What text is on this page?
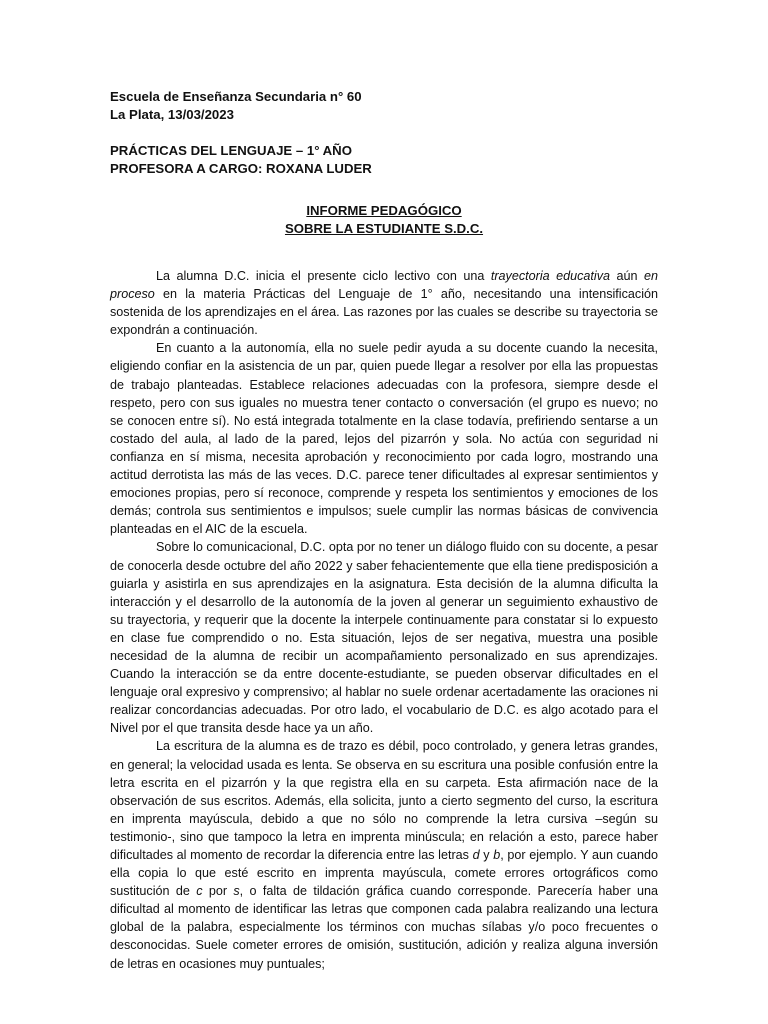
Escuela de Enseñanza Secundaria n° 60
La Plata, 13/03/2023
PRÁCTICAS DEL LENGUAJE – 1° AÑO
PROFESORA A CARGO: ROXANA LUDER
INFORME PEDAGÓGICO
SOBRE LA ESTUDIANTE S.D.C.

La alumna D.C. inicia el presente ciclo lectivo con una trayectoria educativa aún en proceso en la materia Prácticas del Lenguaje de 1° año, necesitando una intensificación sostenida de los aprendizajes en el área. Las razones por las cuales se describe su trayectoria se expondrán a continuación.

En cuanto a la autonomía, ella no suele pedir ayuda a su docente cuando la necesita, eligiendo confiar en la asistencia de un par, quien puede llegar a resolver por ella las propuestas de trabajo planteadas. Establece relaciones adecuadas con la profesora, siempre desde el respeto, pero con sus iguales no muestra tener contacto o conversación (el grupo es nuevo; no se conocen entre sí). No está integrada totalmente en la clase todavía, prefiriendo sentarse a un costado del aula, al lado de la pared, lejos del pizarrón y sola. No actúa con seguridad ni confianza en sí misma, necesita aprobación y reconocimiento por cada logro, mostrando una actitud derrotista las más de las veces. D.C. parece tener dificultades al expresar sentimientos y emociones propias, pero sí reconoce, comprende y respeta los sentimientos y emociones de los demás; controla sus sentimientos e impulsos; suele cumplir las normas básicas de convivencia planteadas en el AIC de la escuela.

Sobre lo comunicacional, D.C. opta por no tener un diálogo fluido con su docente, a pesar de conocerla desde octubre del año 2022 y saber fehacientemente que ella tiene predisposición a guiarla y asistirla en sus aprendizajes en la asignatura. Esta decisión de la alumna dificulta la interacción y el desarrollo de la autonomía de la joven al generar un seguimiento exhaustivo de su trayectoria, y requerir que la docente la interpele continuamente para constatar si lo expuesto en clase fue comprendido o no. Esta situación, lejos de ser negativa, muestra una posible necesidad de la alumna de recibir un acompañamiento personalizado en sus aprendizajes. Cuando la interacción se da entre docente-estudiante, se pueden observar dificultades en el lenguaje oral expresivo y comprensivo; al hablar no suele ordenar acertadamente las oraciones ni realizar concordancias adecuadas. Por otro lado, el vocabulario de D.C. es algo acotado para el Nivel por el que transita desde hace ya un año.

La escritura de la alumna es de trazo es débil, poco controlado, y genera letras grandes, en general; la velocidad usada es lenta. Se observa en su escritura una posible confusión entre la letra escrita en el pizarrón y la que registra ella en su carpeta. Esta afirmación nace de la observación de sus escritos. Además, ella solicita, junto a cierto segmento del curso, la escritura en imprenta mayúscula, debido a que no sólo no comprende la letra cursiva –según su testimonio-, sino que tampoco la letra en imprenta minúscula; en relación a esto, parece haber dificultades al momento de recordar la diferencia entre las letras d y b, por ejemplo. Y aun cuando ella copia lo que esté escrito en imprenta mayúscula, comete errores ortográficos como sustitución de c por s, o falta de tildación gráfica cuando corresponde. Parecería haber una dificultad al momento de identificar las letras que componen cada palabra realizando una lectura global de la palabra, especialmente los términos con muchas sílabas y/o poco frecuentes o desconocidas. Suele cometer errores de omisión, sustitución, adición y realiza alguna inversión de letras en ocasiones muy puntuales;
